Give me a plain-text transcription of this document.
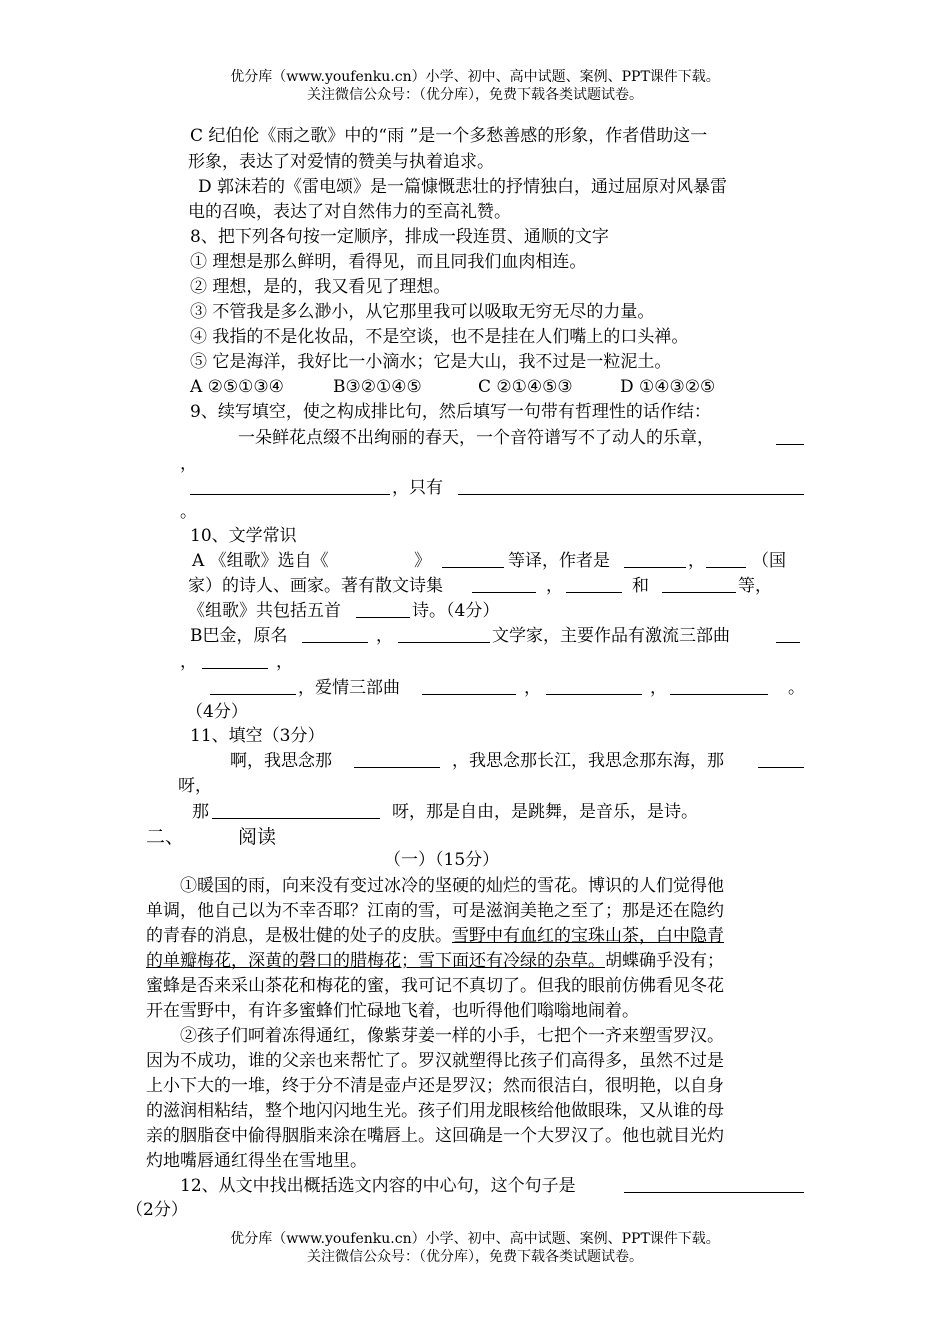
优分库（www.youfenku.cn）小学、初中、高中试题、案例、PPT课件下载。
关注微信公众号：（优分库），免费下载各类试题试卷。
C 纪伯伦《雨之歌》中的“雨 ”是一个多愁善感的形象，作者借助这一
形象，表达了对爱情的赞美与执着追求。
D 郭沫若的《雷电颂》是一篇慷慨悲壮的抒情独白，通过屈原对风暴雷
电的召唤，表达了对自然伟力的至高礼赞。
8、把下列各句按一定顺序，排成一段连贯、通顺的文字
① 理想是那么鲜明，看得见，而且同我们血肉相连。
② 理想，是的，我又看见了理想。
③ 不管我是多么渺小，从它那里我可以吸取无穷无尽的力量。
④ 我指的不是化妆品，不是空谈，也不是挂在人们嘴上的口头禅。
⑤ 它是海洋，我好比一小滴水；它是大山，我不过是一粒泥土。
A ②⑤①③④	B③②①④⑤	C ②①④⑤③	D ①④③②⑤
9、续写填空，使之构成排比句，然后填写一句带有哲理性的话作结：
一朵鲜花点缀不出绚丽的春天，一个音符谱写不了动人的乐章，
，
，只有
。
10、文学常识
A 《组歌》选自《	》	等译，作者是	，	（国
家）的诗人、画家。著有散文诗集	，	和	等，
《组歌》共包括五首	诗。（4分）
B巴金，原名	，	文学家，主要作品有激流三部曲
，	，
，爱情三部曲	，	，	。
（4分）
11、填空（3分）
啊，我思念那	，我思念那长江，我思念那东海，那
呀，
那	呀，那是自由，是跳舞，是音乐，是诗。
二、	阅读
（一）（15分）
①暖国的雨，向来没有变过冰冷的坚硬的灿烂的雪花。博识的人们觉得他
单调，他自己以为不幸否耶？江南的雪，可是滋润美艳之至了；那是还在隐约
的青春的消息，是极壮健的处子的皮肤。雪野中有血红的宝珠山茶，白中隐青
的单瓣梅花，深黄的磬口的腊梅花；雪下面还有冷绿的杂草。胡蝶确乎没有；
蜜蜂是否来采山茶花和梅花的蜜，我可记不真切了。但我的眼前仿佛看见冬花
开在雪野中，有许多蜜蜂们忙碌地飞着，也听得他们嗡嗡地闹着。
②孩子们呵着冻得通红，像紫芽姜一样的小手，七把个一齐来塑雪罗汉。
因为不成功，谁的父亲也来帮忙了。罗汉就塑得比孩子们高得多，虽然不过是
上小下大的一堆，终于分不清是壶卢还是罗汉；然而很洁白，很明艳，以自身
的滋润相粘结，整个地闪闪地生光。孩子们用龙眼核给他做眼珠，又从谁的母
亲的胭脂奁中偷得胭脂来涂在嘴唇上。这回确是一个大罗汉了。他也就目光灼
灼地嘴唇通红得坐在雪地里。
12、从文中找出概括选文内容的中心句，这个句子是
（2分）
优分库（www.youfenku.cn）小学、初中、高中试题、案例、PPT课件下载。
关注微信公众号：（优分库），免费下载各类试题试卷。
